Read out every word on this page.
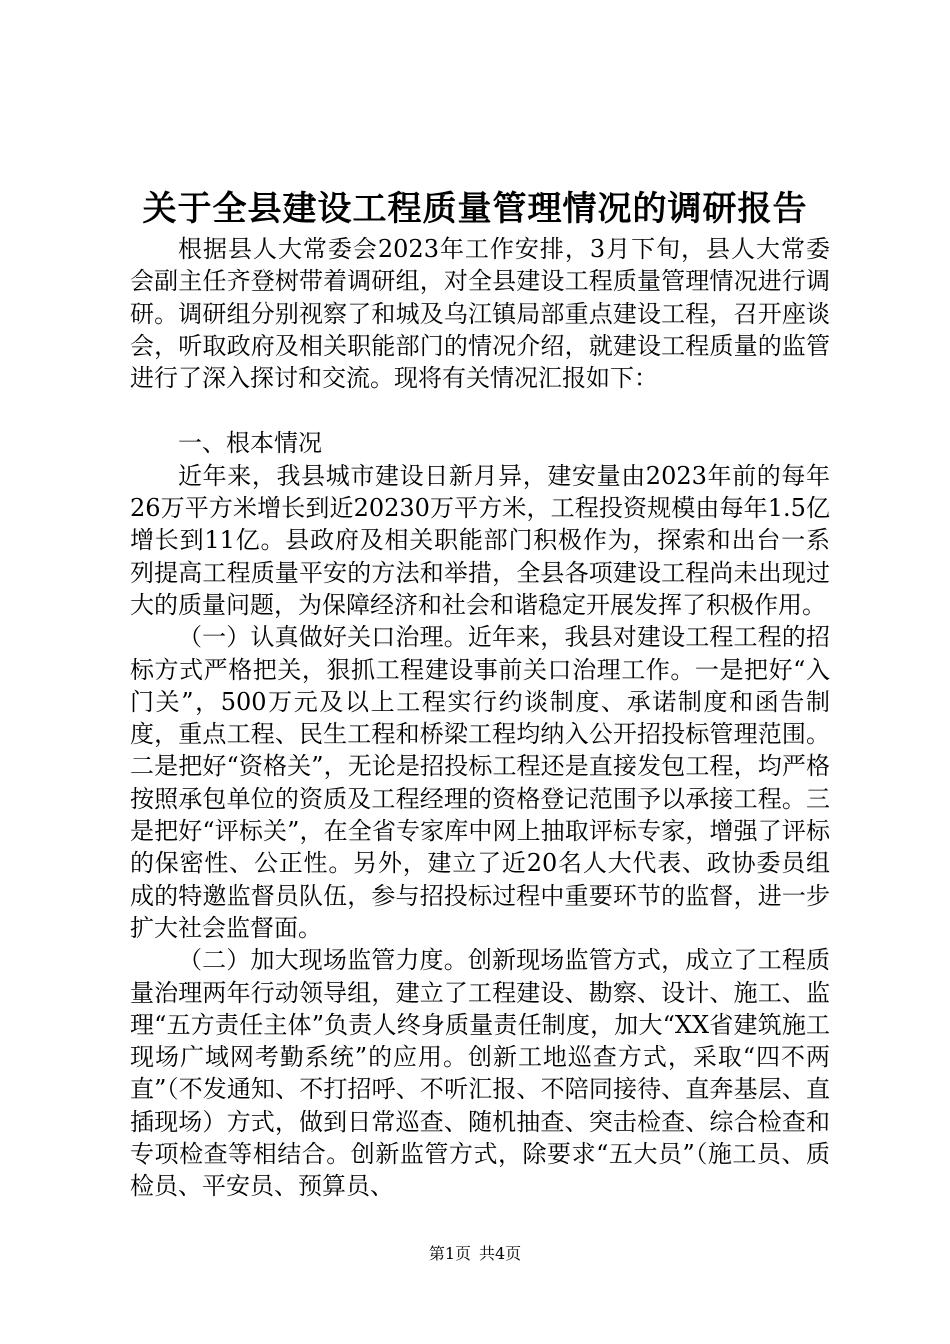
关于全县建设工程质量管理情况的调研报告

根据县人大常委会2023年工作安排，3月下旬，县人大常委会副主任齐登树带着调研组，对全县建设工程质量管理情况进行调研。调研组分别视察了和城及乌江镇局部重点建设工程，召开座谈会，听取政府及相关职能部门的情况介绍，就建设工程质量的监管进行了深入探讨和交流。现将有关情况汇报如下：

一、根本情况

近年来，我县城市建设日新月异，建安量由2023年前的每年26万平方米增长到近20230万平方米，工程投资规模由每年1.5亿增长到11亿。县政府及相关职能部门积极作为，探索和出台一系列提高工程质量平安的方法和举措，全县各项建设工程尚未出现过大的质量问题，为保障经济和社会和谐稳定开展发挥了积极作用。

（一）认真做好关口治理。近年来，我县对建设工程工程的招标方式严格把关，狠抓工程建设事前关口治理工作。一是把好“入门关”，500万元及以上工程实行约谈制度、承诺制度和函告制度，重点工程、民生工程和桥梁工程均纳入公开招投标管理范围。二是把好“资格关”，无论是招投标工程还是直接发包工程，均严格按照承包单位的资质及工程经理的资格登记范围予以承接工程。三是把好“评标关”，在全省专家库中网上抽取评标专家，增强了评标的保密性、公正性。另外，建立了近20名人大代表、政协委员组成的特邀监督员队伍，参与招投标过程中重要环节的监督，进一步扩大社会监督面。

（二）加大现场监管力度。创新现场监管方式，成立了工程质量治理两年行动领导组，建立了工程建设、勘察、设计、施工、监理“五方责任主体”负责人终身质量责任制度，加大“XX省建筑施工现场广域网考勤系统”的应用。创新工地巡查方式，采取“四不两直”（不发通知、不打招呼、不听汇报、不陪同接待、直奔基层、直插现场）方式，做到日常巡查、随机抽查、突击检查、综合检查和专项检查等相结合。创新监管方式，除要求“五大员”（施工员、质检员、平安员、预算员、

第1页 共4页
